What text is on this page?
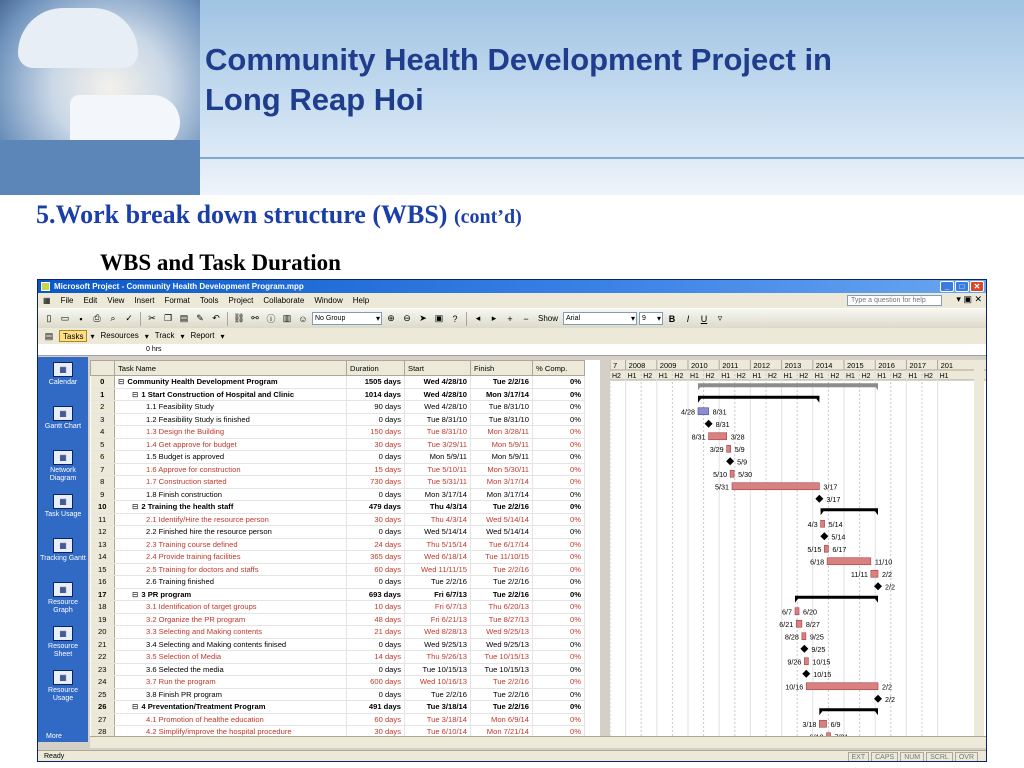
Community Health Development Project in
Long Reap Hoi
5.Work break down structure (WBS) (cont’d)
WBS and Task Duration
Microsoft Project - Community Health Development Program.mpp	_	□	✕
▦	File	Edit	View	Insert	Format	Tools	Project	Collaborate	Window	Help	Type a question for help	▾ ▣ ✕
▯	▭	▪	⎙	⌕	✓	✂ ❐ ▤ ✎ ↶	⛓ ⚯ ⓘ ▥ ☺	No Group ▾	⊕ ⊖ ➤ ▣	?	◂	▸	+	−	Show	Arial ▾	9 ▾	B	I	U	▿
▤	Tasks ▾ Resources ▾ Track ▾ Report ▾
0 hrs
▦
Calendar
▦
Gantt Chart
▦
Network Diagram
▦
Task Usage
▦
Tracking Gantt
▦
Resource Graph
▦
Resource Sheet
▦
Resource Usage
More
	Task Name	Duration	Start	Finish	% Comp.
0	⊟ Community Health Development Program	1505 days	Wed 4/28/10	Tue 2/2/16	0%
1	⊟ 1 Start Construction of Hospital and Clinic	1014 days	Wed 4/28/10	Mon 3/17/14	0%
2	1.1 Feasibility Study	90 days	Wed 4/28/10	Tue 8/31/10	0%
3	1.2 Feasibility Study is finished	0 days	Tue 8/31/10	Tue 8/31/10	0%
4	1.3 Design the Building	150 days	Tue 8/31/10	Mon 3/28/11	0%
5	1.4 Get approve for budget	30 days	Tue 3/29/11	Mon 5/9/11	0%
6	1.5 Budget is approved	0 days	Mon 5/9/11	Mon 5/9/11	0%
7	1.6 Approve for construction	15 days	Tue 5/10/11	Mon 5/30/11	0%
8	1.7 Construction started	730 days	Tue 5/31/11	Mon 3/17/14	0%
9	1.8 Finish construction	0 days	Mon 3/17/14	Mon 3/17/14	0%
10	⊟ 2 Training the health staff	479 days	Thu 4/3/14	Tue 2/2/16	0%
11	2.1 Identify/Hire the resource person	30 days	Thu 4/3/14	Wed 5/14/14	0%
12	2.2 Finished hire the resource person	0 days	Wed 5/14/14	Wed 5/14/14	0%
13	2.3 Training course defined	24 days	Thu 5/15/14	Tue 6/17/14	0%
14	2.4 Provide training facilities	365 days	Wed 6/18/14	Tue 11/10/15	0%
15	2.5 Training for doctors and staffs	60 days	Wed 11/11/15	Tue 2/2/16	0%
16	2.6 Training finished	0 days	Tue 2/2/16	Tue 2/2/16	0%
17	⊟ 3 PR program	693 days	Fri 6/7/13	Tue 2/2/16	0%
18	3.1 Identification of target groups	10 days	Fri 6/7/13	Thu 6/20/13	0%
19	3.2 Organize the PR program	48 days	Fri 6/21/13	Tue 8/27/13	0%
20	3.3 Selecting and Making contents	21 days	Wed 8/28/13	Wed 9/25/13	0%
21	3.4 Selecting and Making contents finised	0 days	Wed 9/25/13	Wed 9/25/13	0%
22	3.5 Selection of Media	14 days	Thu 9/26/13	Tue 10/15/13	0%
23	3.6 Selected the media	0 days	Tue 10/15/13	Tue 10/15/13	0%
24	3.7 Run the program	600 days	Wed 10/16/13	Tue 2/2/16	0%
25	3.8 Finish PR program	0 days	Tue 2/2/16	Tue 2/2/16	0%
26	⊟ 4 Preventation/Treatment Program	491 days	Tue 3/18/14	Tue 2/2/16	0%
27	4.1 Promotion of healthe education	60 days	Tue 3/18/14	Mon 6/9/14	0%
28	4.2 Simplify/improve the hospital procedure	30 days	Tue 6/10/14	Mon 7/21/14	0%
7 2008 2009 2010 2011 2012 2013 2014 2015 2016 2017 201
H2 H1 H2 H1 H2 H1 H2 H1 H2 H1 H2 H1 H2 H1 H2 H1 H2 H1 H2 H1 H2 H1
4/28 8/31
8/31
8/31	3/28
3/29 5/9
5/9
5/10 5/30
5/31	3/17
3/17
4/3 5/14
5/14
5/15 6/17
6/18	11/10
11/11 2/2
2/2
6/7 6/20
6/21 8/27
8/28 9/25
9/25
9/26 10/15
10/15
10/16	2/2
2/2
3/18 6/9
Ready	EXT	CAPS	NUM	SCRL	OVR
